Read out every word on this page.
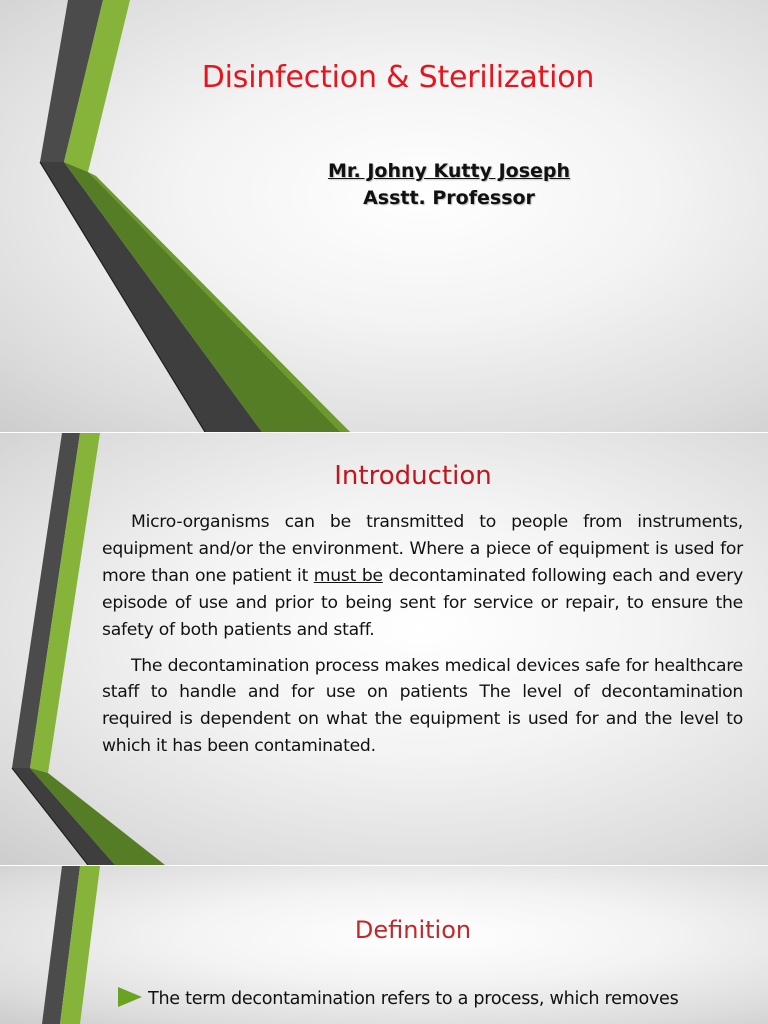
Disinfection & Sterilization
Mr. Johny Kutty Joseph
Asstt. Professor
Introduction

Micro-organisms can be transmitted to people from instruments, equipment and/or the environment. Where a piece of equipment is used for more than one patient it must be decontaminated following each and every episode of use and prior to being sent for service or repair, to ensure the safety of both patients and staff.

The decontamination process makes medical devices safe for healthcare staff to handle and for use on patients The level of decontamination required is dependent on what the equipment is used for and the level to which it has been contaminated.

Definition
The term decontamination refers to a process, which removes
